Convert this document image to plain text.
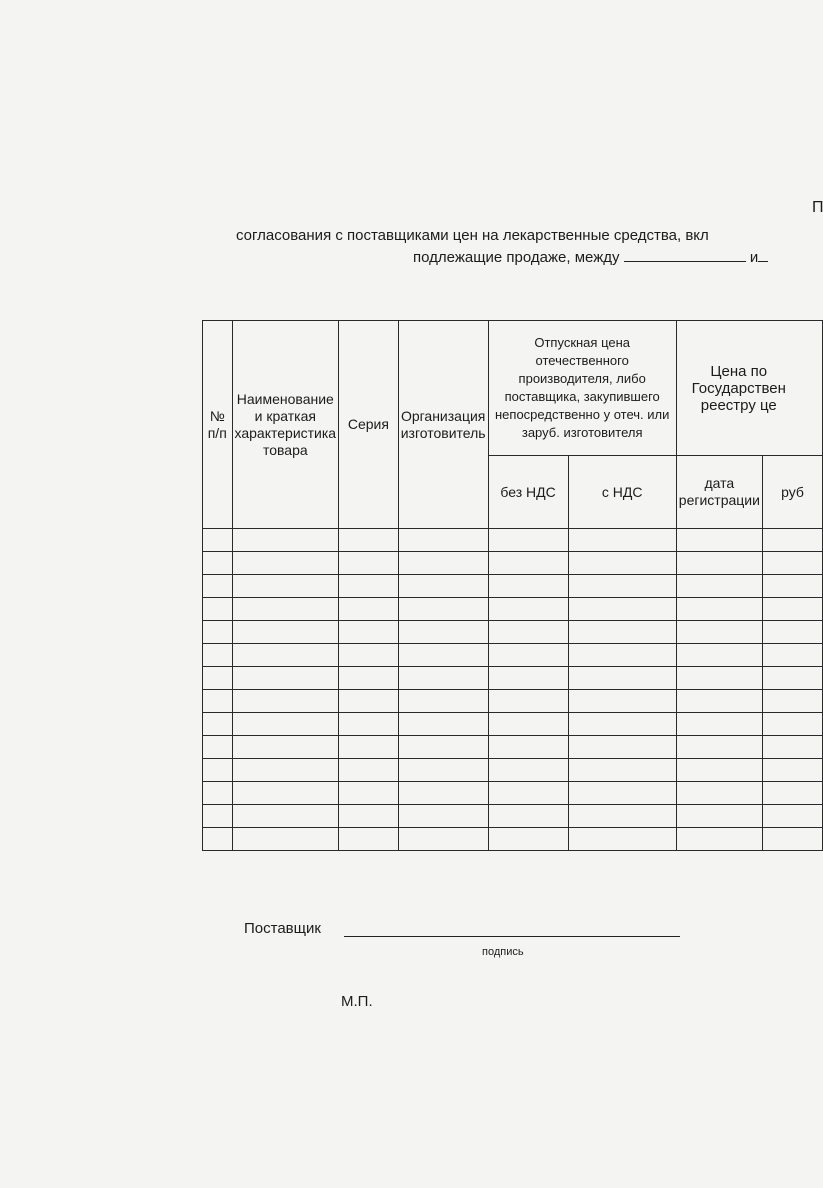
П
согласования с поставщиками цен на лекарственные средства, вкл
подлежащие продаже, между	и
№ п/п	Наименование и краткая характеристика товара	Серия	Организация изготовитель	Отпускная цена отечественного производителя, либо поставщика, закупившего непосредственно у отеч. или заруб. изготовителя		Цена по Государствен реестру це	
				без НДС	с НДС	дата регистрации	руб

Поставщик
подпись
М.П.
